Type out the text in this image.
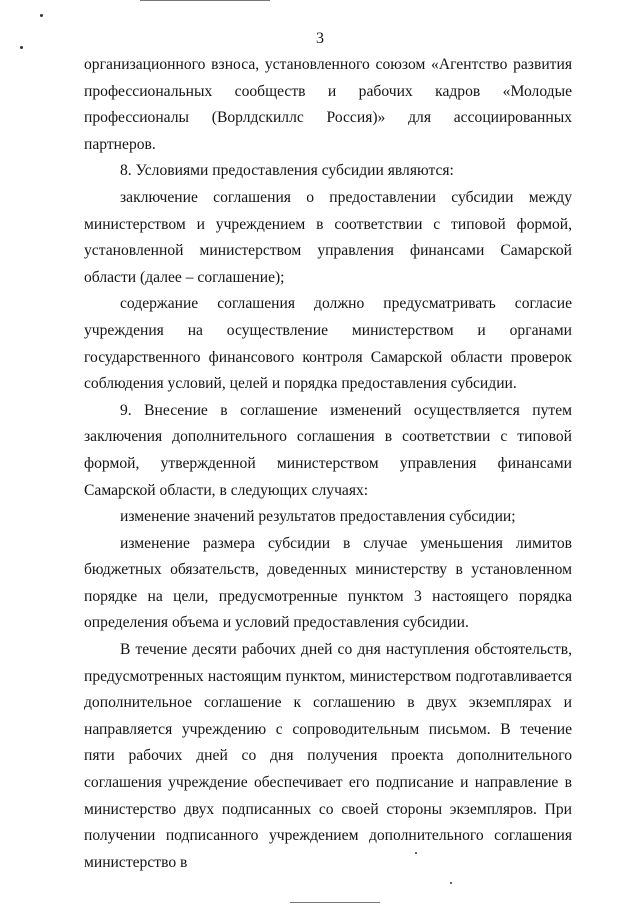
3

организационного взноса, установленного союзом «Агентство развития профессиональных сообществ и рабочих кадров «Молодые профессионалы (Ворлдскиллс Россия)» для ассоциированных партнеров.

8. Условиями предоставления субсидии являются:

заключение соглашения о предоставлении субсидии между министерством и учреждением в соответствии с типовой формой, установленной министерством управления финансами Самарской области (далее – соглашение);

содержание соглашения должно предусматривать согласие учреждения на осуществление министерством и органами государственного финансового контроля Самарской области проверок соблюдения условий, целей и порядка предоставления субсидии.

9. Внесение в соглашение изменений осуществляется путем заключения дополнительного соглашения в соответствии с типовой формой, утвержденной министерством управления финансами Самарской области, в следующих случаях:

изменение значений результатов предоставления субсидии;

изменение размера субсидии в случае уменьшения лимитов бюджетных обязательств, доведенных министерству в установленном порядке на цели, предусмотренные пунктом 3 настоящего порядка определения объема и условий предоставления субсидии.

В течение десяти рабочих дней со дня наступления обстоятельств, предусмотренных настоящим пунктом, министерством подготавливается дополнительное соглашение к соглашению в двух экземплярах и направляется учреждению с сопроводительным письмом. В течение пяти рабочих дней со дня получения проекта дополнительного соглашения учреждение обеспечивает его подписание и направление в министерство двух подписанных со своей стороны экземпляров. При получении подписанного учреждением дополнительного соглашения министерство в
